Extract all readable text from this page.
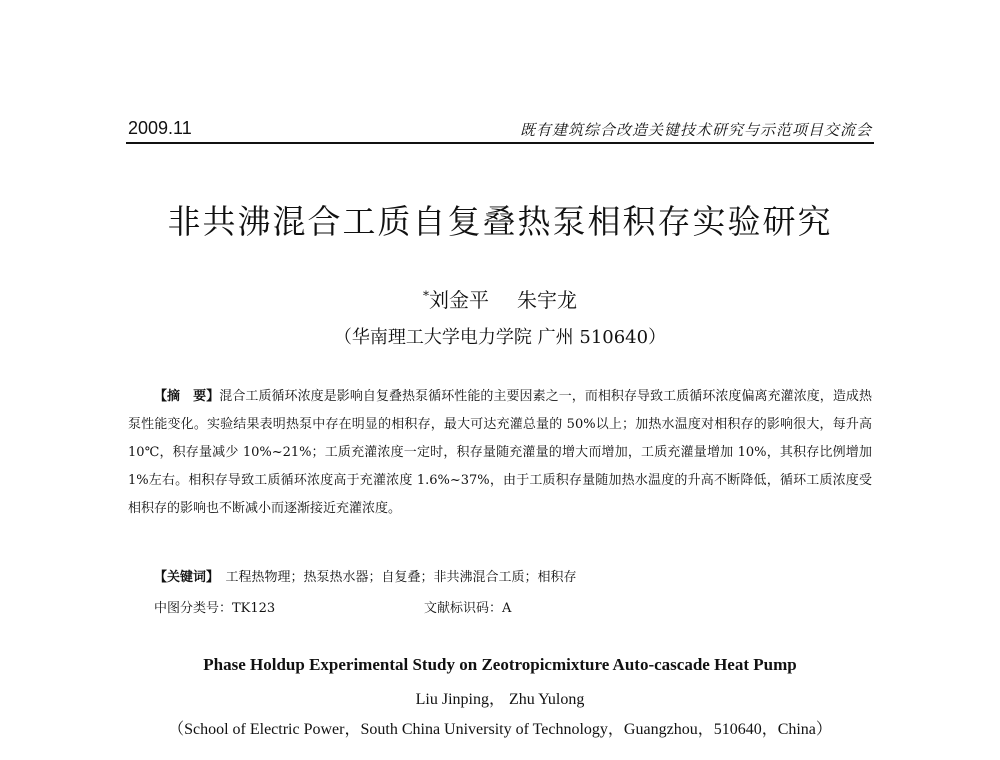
2009.11	既有建筑综合改造关键技术研究与示范项目交流会
非共沸混合工质自复叠热泵相积存实验研究
*刘金平 朱宇龙
（华南理工大学电力学院 广州 510640）

【摘　要】混合工质循环浓度是影响自复叠热泵循环性能的主要因素之一，而相积存导致工质循环浓度偏离充灌浓度，造成热泵性能变化。实验结果表明热泵中存在明显的相积存，最大可达充灌总量的 50%以上；加热水温度对相积存的影响很大，每升高 10℃，积存量减少 10%~21%；工质充灌浓度一定时，积存量随充灌量的增大而增加，工质充灌量增加 10%，其积存比例增加 1%左右。相积存导致工质循环浓度高于充灌浓度 1.6%~37%，由于工质积存量随加热水温度的升高不断降低，循环工质浓度受相积存的影响也不断减小而逐渐接近充灌浓度。

【关键词】　 工程热物理；热泵热水器；自复叠；非共沸混合工质；相积存
中图分类号：TK123	文献标识码：A
Phase Holdup Experimental Study on Zeotropicmixture Auto-cascade Heat Pump
Liu Jinping， Zhu Yulong
（School of Electric Power，South China University of Technology，Guangzhou，510640，China）
